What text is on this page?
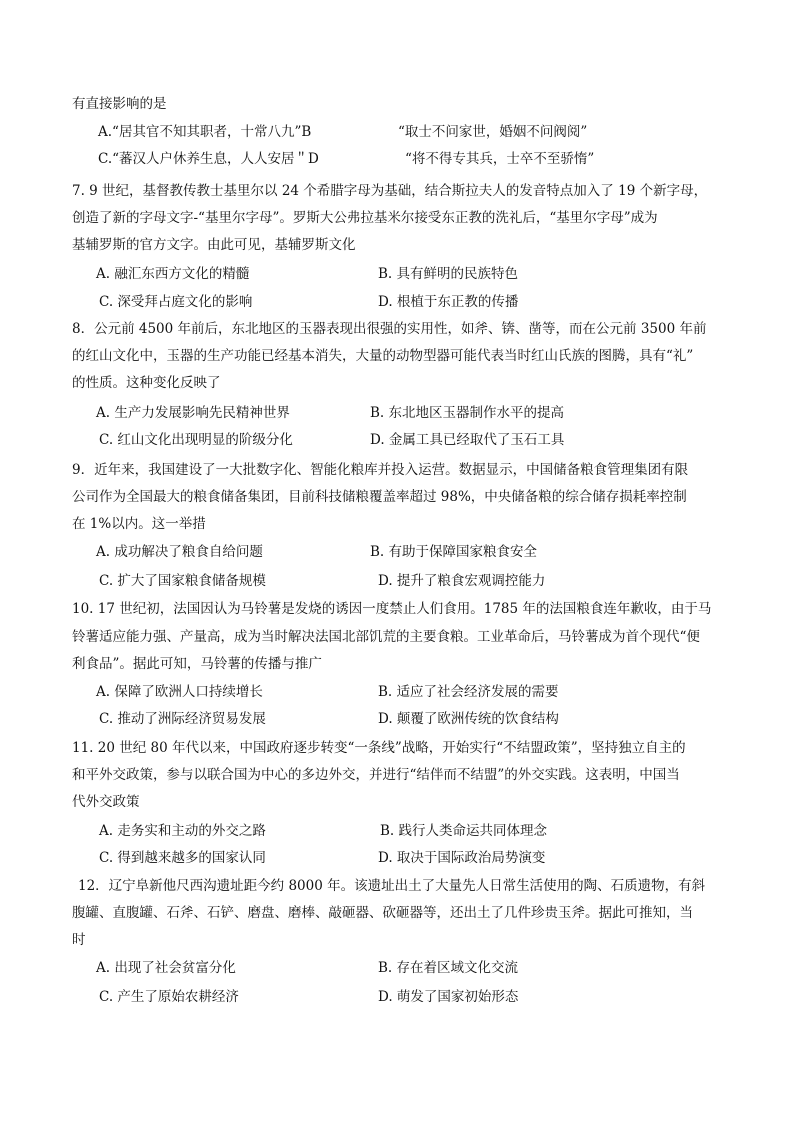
有直接影响的是
A.“居其官不知其职者，十常八九”B	“取士不问家世，婚姻不问阀阅”
C.“蕃汉人户休养生息，人人安居＂D	“将不得专其兵，士卒不至骄惰”
7. 9 世纪，基督教传教士基里尔以 24 个希腊字母为基础，结合斯拉夫人的发音特点加入了 19 个新字母，
创造了新的字母文字-“基里尔字母”。罗斯大公弗拉基米尔接受东正教的洗礼后，“基里尔字母”成为
基辅罗斯的官方文字。由此可见，基辅罗斯文化
A. 融汇东西方文化的精髓	B. 具有鲜明的民族特色
C. 深受拜占庭文化的影响	D. 根植于东正教的传播
8．公元前 4500 年前后，东北地区的玉器表现出很强的实用性，如斧、锛、凿等，而在公元前 3500 年前
的红山文化中，玉器的生产功能已经基本消失，大量的动物型器可能代表当时红山氏族的图腾，具有“礼”
的性质。这种变化反映了
A. 生产力发展影响先民精神世界	B. 东北地区玉器制作水平的提高
C. 红山文化出现明显的阶级分化	D. 金属工具已经取代了玉石工具
9．近年来，我国建设了一大批数字化、智能化粮库并投入运营。数据显示，中国储备粮食管理集团有限
公司作为全国最大的粮食储备集团，目前科技储粮覆盖率超过 98%，中央储备粮的综合储存损耗率控制
在 1%以内。这一举措
A. 成功解决了粮食自给问题	B. 有助于保障国家粮食安全
C. 扩大了国家粮食储备规模	D. 提升了粮食宏观调控能力
10. 17 世纪初，法国因认为马铃薯是发烧的诱因一度禁止人们食用。1785 年的法国粮食连年歉收，由于马
铃薯适应能力强、产量高，成为当时解决法国北部饥荒的主要食粮。工业革命后，马铃薯成为首个现代“便
利食品”。据此可知，马铃薯的传播与推广
A. 保障了欧洲人口持续增长	B. 适应了社会经济发展的需要
C. 推动了洲际经济贸易发展	D. 颠覆了欧洲传统的饮食结构
11. 20 世纪 80 年代以来，中国政府逐步转变“一条线”战略，开始实行“不结盟政策”，坚持独立自主的
和平外交政策，参与以联合国为中心的多边外交，并进行“结伴而不结盟”的外交实践。这表明，中国当
代外交政策
A. 走务实和主动的外交之路	B. 践行人类命运共同体理念
C. 得到越来越多的国家认同	D. 取决于国际政治局势演变
12．辽宁阜新他尺西沟遗址距今约 8000 年。该遗址出土了大量先人日常生活使用的陶、石质遗物，有斜
腹罐、直腹罐、石斧、石铲、磨盘、磨棒、敲砸器、砍砸器等，还出土了几件珍贵玉斧。据此可推知，当
时
A. 出现了社会贫富分化	B. 存在着区域文化交流
C. 产生了原始农耕经济	D. 萌发了国家初始形态
